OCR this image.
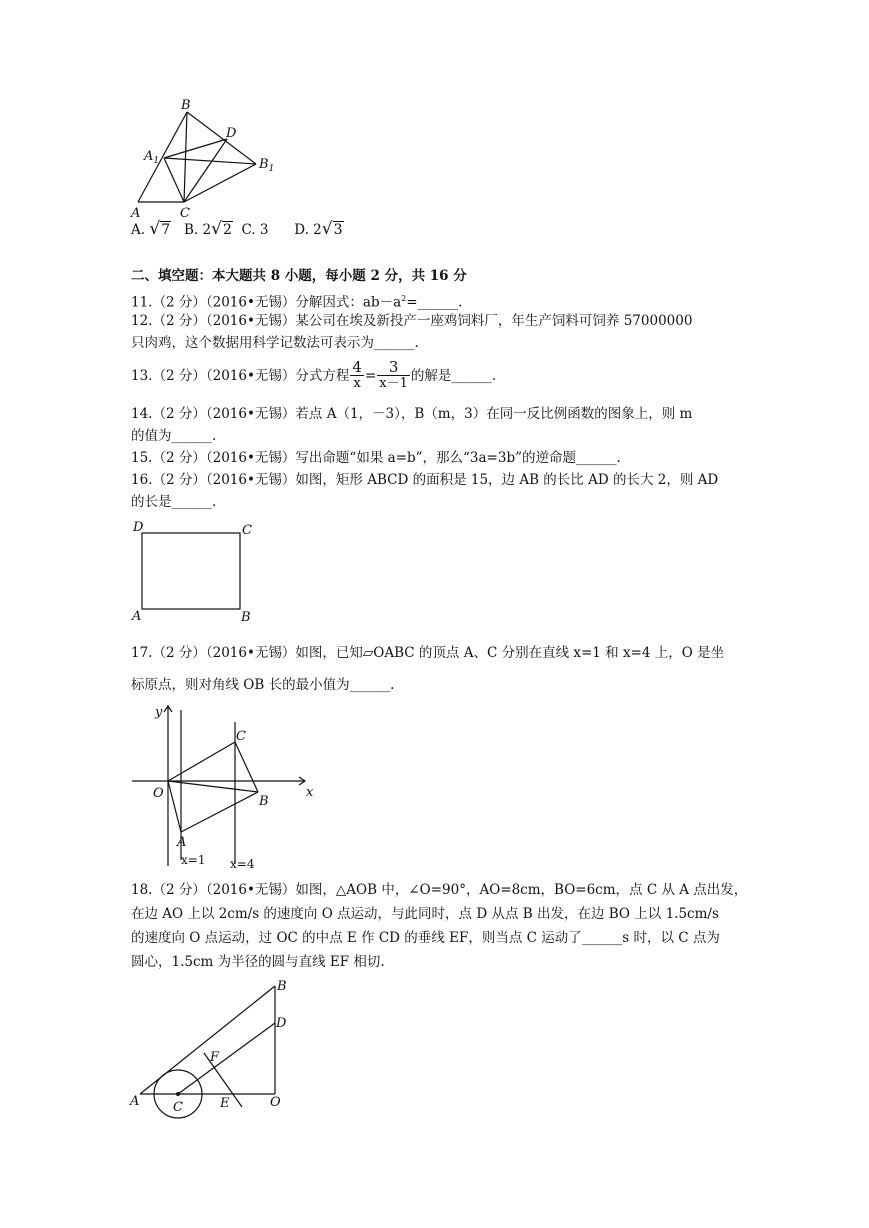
B
D
$A_1$	$B_1$
A	C
A. √7 B. 2√2 C. 3 D. 2√3
二、填空题：本大题共 8 小题，每小题 2 分，共 16 分
11.（2 分）（2016•无锡）分解因式：$ab-a^2=\_\_\_\_\_\_$.
12.（2 分）（2016•无锡）某公司在埃及新投产一座鸡饲料厂，年生产饲料可饲养 57000000
只肉鸡，这个数据用科学记数法可表示为______.
13.（2 分）（2016•无锡）分式方程 $\frac{4}{x} = \frac{3}{x-1}$ 的解是______.
14.（2 分）（2016•无锡）若点 A（1，－3），B（m，3）在同一反比例函数的图象上，则 m
的值为______.
15.（2 分）（2016•无锡）写出命题“如果 a=b”，那么“3a=3b”的逆命题______.
16.（2 分）（2016•无锡）如图，矩形 ABCD 的面积是 15，边 AB 的长比 AD 的长大 2，则 AD
的长是______.
D	C
A	B
17.（2 分）（2016•无锡）如图，已知▱OABC 的顶点 A、C 分别在直线 x=1 和 x=4 上，O 是坐
标原点，则对角线 OB 长的最小值为______.
y
x
O
C
B
A
x=1 x=4
18.（2 分）（2016•无锡）如图，△AOB 中，∠O=90°，AO=8cm，BO=6cm，点 C 从 A 点出发，
在边 AO 上以 2cm/s 的速度向 O 点运动，与此同时，点 D 从点 B 出发，在边 BO 上以 1.5cm/s
的速度向 O 点运动，过 OC 的中点 E 作 CD 的垂线 EF，则当点 C 运动了______s 时，以 C 点为
圆心，1.5cm 为半径的圆与直线 EF 相切.
B
D
F
A	C	E	O
